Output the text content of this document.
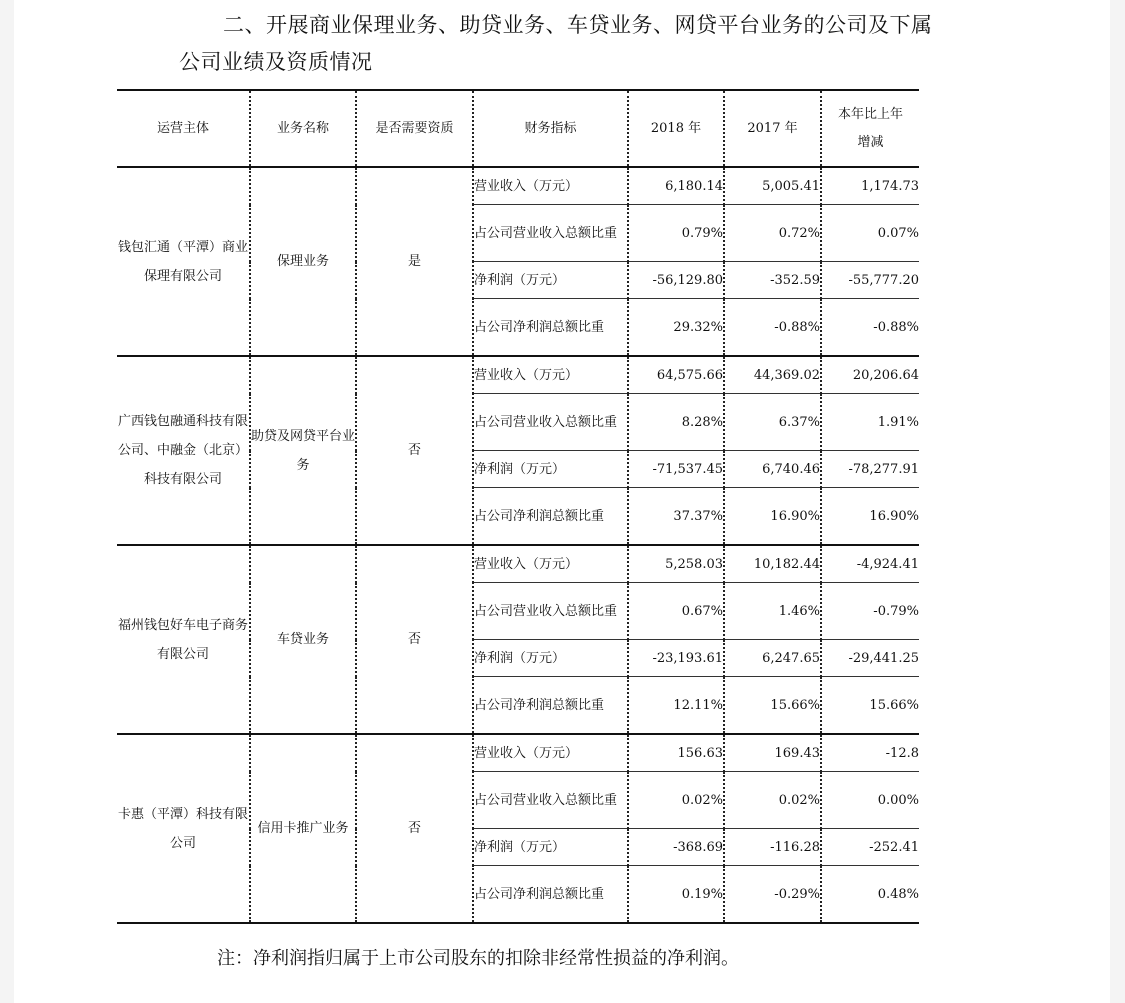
二、开展商业保理业务、助贷业务、车贷业务、网贷平台业务的公司及下属
公司业绩及资质情况
运营主体	业务名称	是否需要资质	财务指标	2018 年	2017 年	本年比上年增减
钱包汇通（平潭）商业保理有限公司	保理业务	是	营业收入（万元）	6,180.14	5,005.41	1,174.73
			占公司营业收入总额比重	0.79%	0.72%	0.07%
			净利润（万元）	-56,129.80	-352.59	-55,777.20
			占公司净利润总额比重	29.32%	-0.88%	-0.88%
广西钱包融通科技有限公司、中融金（北京）科技有限公司	助贷及网贷平台业务	否	营业收入（万元）	64,575.66	44,369.02	20,206.64
			占公司营业收入总额比重	8.28%	6.37%	1.91%
			净利润（万元）	-71,537.45	6,740.46	-78,277.91
			占公司净利润总额比重	37.37%	16.90%	16.90%
福州钱包好车电子商务有限公司	车贷业务	否	营业收入（万元）	5,258.03	10,182.44	-4,924.41
			占公司营业收入总额比重	0.67%	1.46%	-0.79%
			净利润（万元）	-23,193.61	6,247.65	-29,441.25
			占公司净利润总额比重	12.11%	15.66%	15.66%
卡惠（平潭）科技有限公司	信用卡推广业务	否	营业收入（万元）	156.63	169.43	-12.8
			占公司营业收入总额比重	0.02%	0.02%	0.00%
			净利润（万元）	-368.69	-116.28	-252.41
			占公司净利润总额比重	0.19%	-0.29%	0.48%
注：净利润指归属于上市公司股东的扣除非经常性损益的净利润。
